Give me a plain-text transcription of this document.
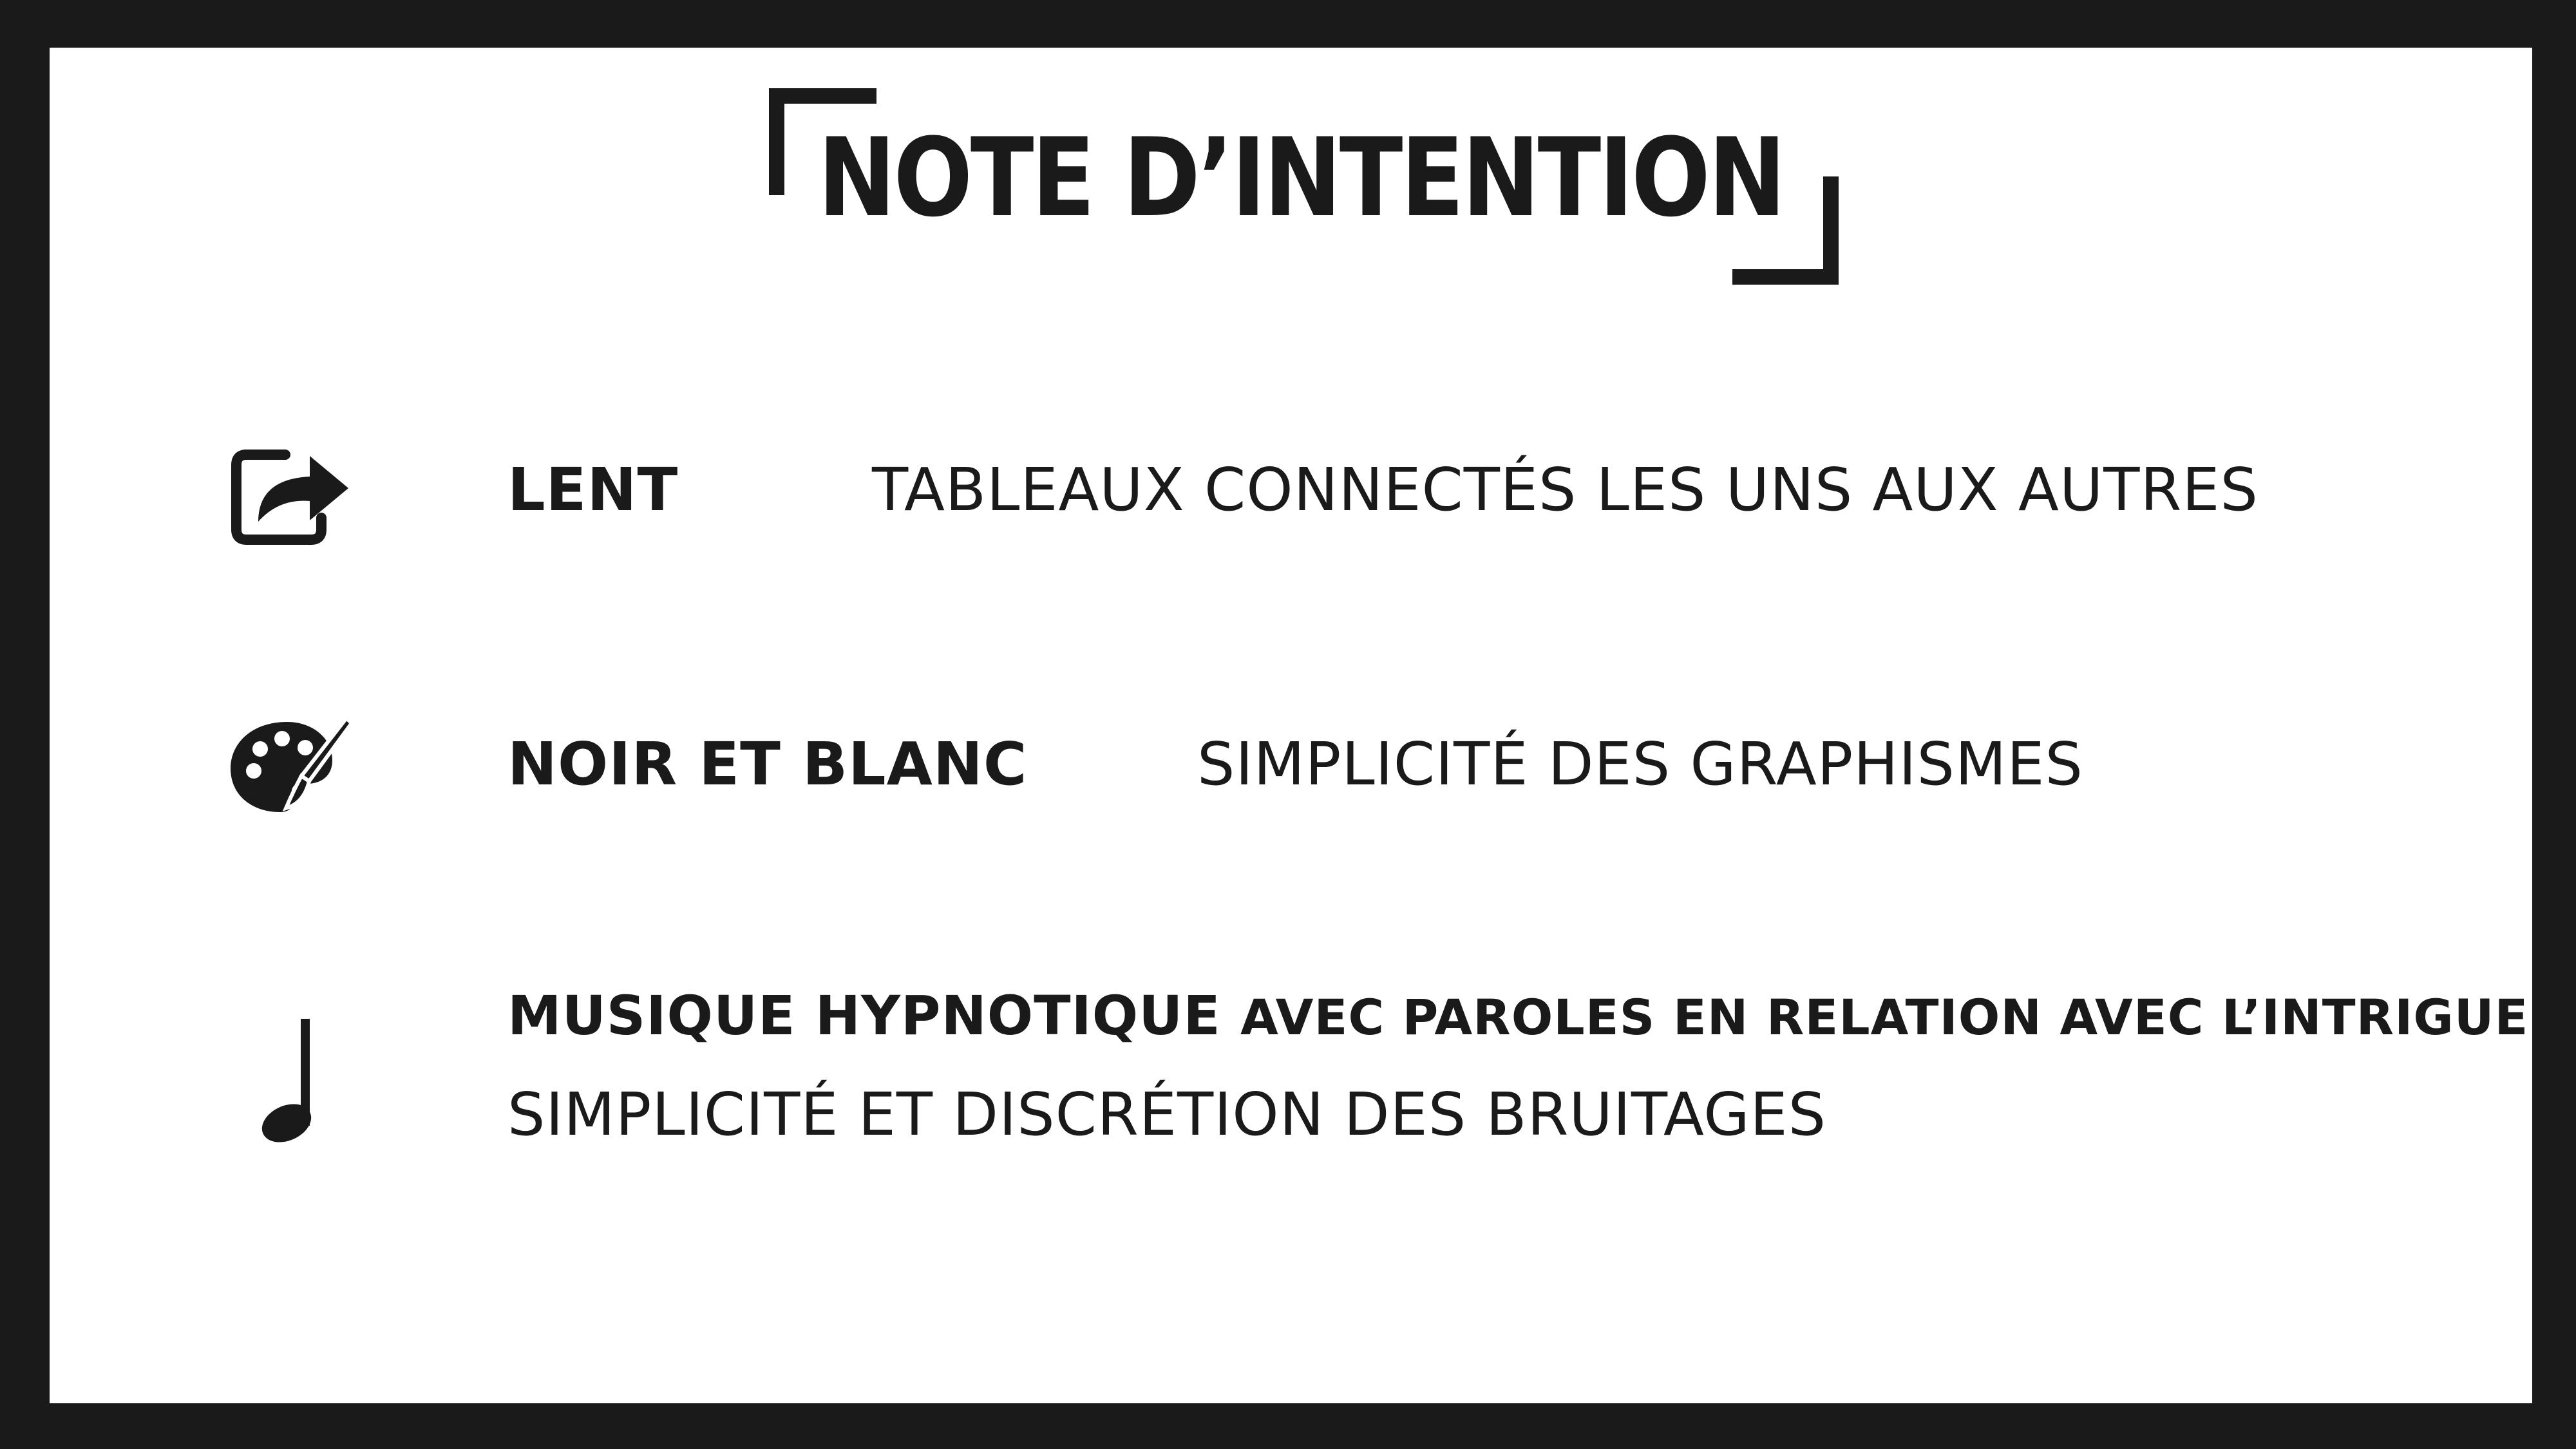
NOTE D’INTENTION
LENT	TABLEAUX CONNECTÉS LES UNS AUX AUTRES
NOIR ET BLANC	SIMPLICITÉ DES GRAPHISMES
MUSIQUE HYPNOTIQUE AVEC PAROLES EN RELATION AVEC L’INTRIGUE
SIMPLICITÉ ET DISCRÉTION DES BRUITAGES
